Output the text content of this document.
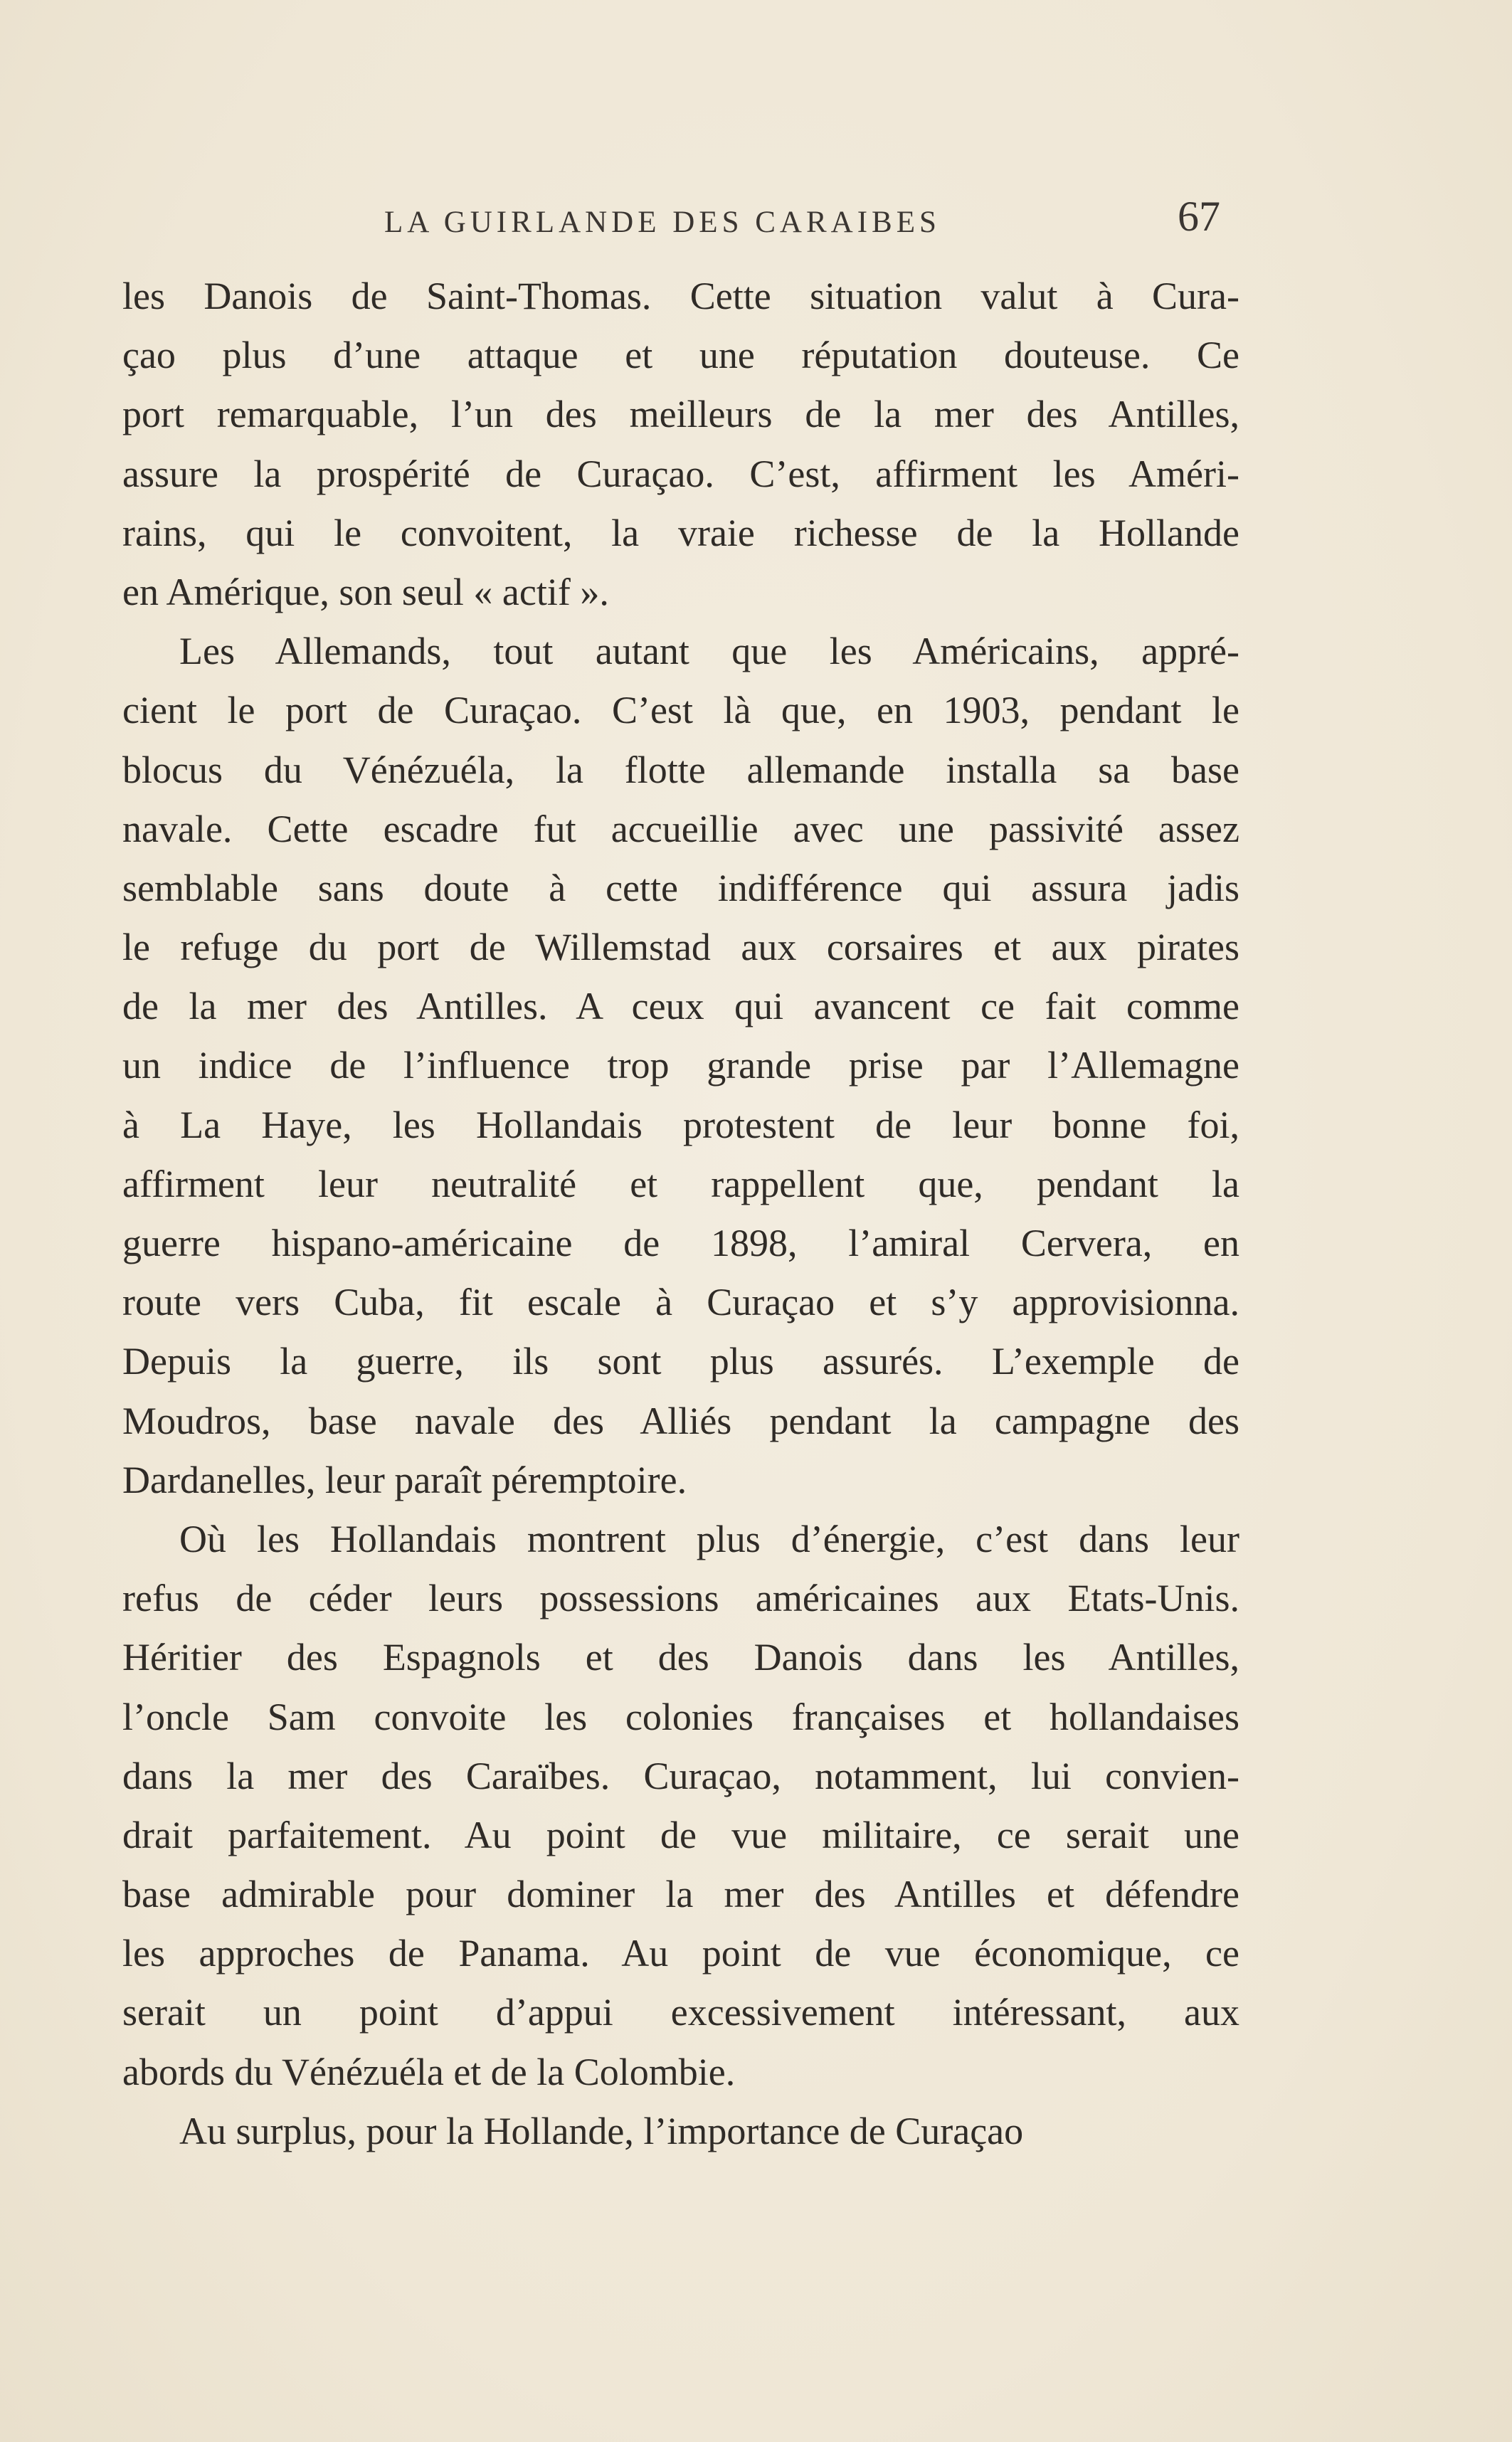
LA GUIRLANDE DES CARAIBES	67
les Danois de Saint-Thomas. Cette situation valut à Cura-
çao plus d’une attaque et une réputation douteuse. Ce
port remarquable, l’un des meilleurs de la mer des Antilles,
assure la prospérité de Curaçao. C’est, affirment les Améri-
rains, qui le convoitent, la vraie richesse de la Hollande
en Amérique, son seul « actif ».
Les Allemands, tout autant que les Américains, appré-
cient le port de Curaçao. C’est là que, en 1903, pendant le
blocus du Vénézuéla, la flotte allemande installa sa base
navale. Cette escadre fut accueillie avec une passivité assez
semblable sans doute à cette indifférence qui assura jadis
le refuge du port de Willemstad aux corsaires et aux pirates
de la mer des Antilles. A ceux qui avancent ce fait comme
un indice de l’influence trop grande prise par l’Allemagne
à La Haye, les Hollandais protestent de leur bonne foi,
affirment leur neutralité et rappellent que, pendant la
guerre hispano-américaine de 1898, l’amiral Cervera, en
route vers Cuba, fit escale à Curaçao et s’y approvisionna.
Depuis la guerre, ils sont plus assurés. L’exemple de
Moudros, base navale des Alliés pendant la campagne des
Dardanelles, leur paraît péremptoire.
Où les Hollandais montrent plus d’énergie, c’est dans leur
refus de céder leurs possessions américaines aux Etats-Unis.
Héritier des Espagnols et des Danois dans les Antilles,
l’oncle Sam convoite les colonies françaises et hollandaises
dans la mer des Caraïbes. Curaçao, notamment, lui convien-
drait parfaitement. Au point de vue militaire, ce serait une
base admirable pour dominer la mer des Antilles et défendre
les approches de Panama. Au point de vue économique, ce
serait un point d’appui excessivement intéressant, aux
abords du Vénézuéla et de la Colombie.
Au surplus, pour la Hollande, l’importance de Curaçao
